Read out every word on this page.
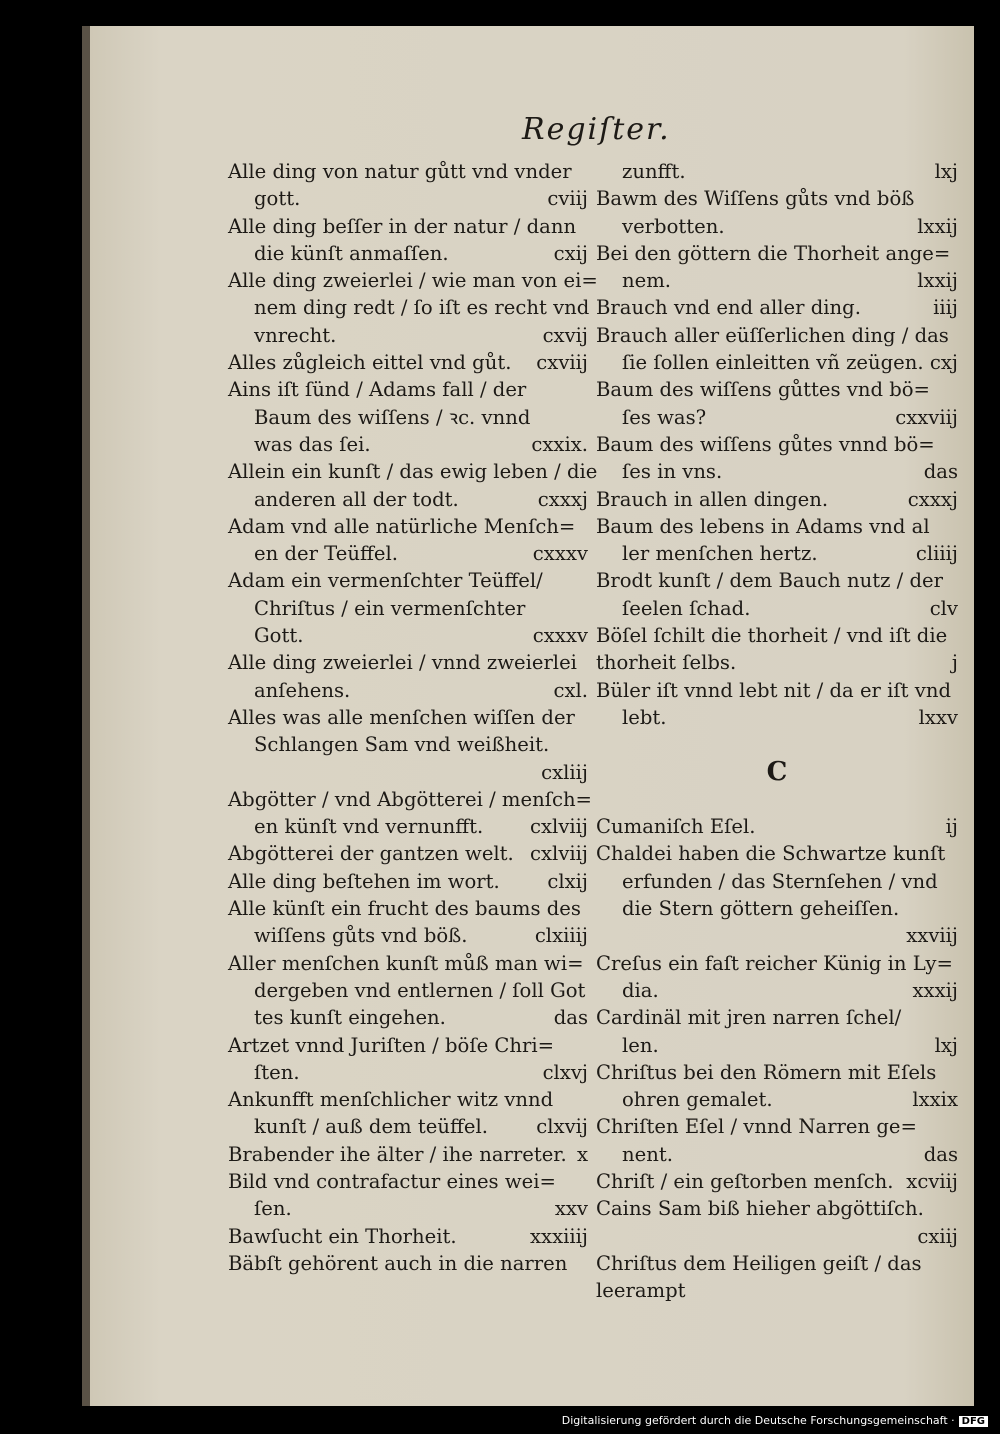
Regiſter.
Alle ding von natur gůtt vnd vnder
gott.	cviij
Alle ding beſſer in der natur / dann
die künſt anmaſſen.	cxij
Alle ding zweierlei / wie man von ei=
nem ding redt / ſo iſt es recht vnd
vnrecht.	cxvij
Alles zůgleich eittel vnd gůt. cxviij
Ains iſt ſünd / Adams fall / der
Baum des wiſſens / ꝛc. vnnd
was das ſei.	cxxix.
Allein ein kunſt / das ewig leben / die
anderen all der todt.	cxxxj
Adam vnd alle natürliche Menſch=
en der Teüffel.	cxxxv
Adam ein vermenſchter Teüffel/
Chriſtus / ein vermenſchter
Gott.	cxxxv
Alle ding zweierlei / vnnd zweierlei
anſehens.	cxl.
Alles was alle menſchen wiſſen der
Schlangen Sam vnd weißheit.
cxliij
Abgötter / vnd Abgötterei / menſch=
en künſt vnd vernunfft. cxlviij
Abgötterei der gantzen welt. cxlviij
Alle ding beſtehen im wort. clxij
Alle künſt ein frucht des baums des
wiſſens gůts vnd böß.	clxiiij
Aller menſchen kunſt můß man wi=
dergeben vnd entlernen / ſoll Got
tes kunſt eingehen.	das
Artzet vnnd Juriſten / böſe Chri=
ſten.	clxvj
Ankunfft menſchlicher witz vnnd
kunſt / auß dem teüffel. clxvij
Brabender ihe älter / ihe narreter. x
Bild vnd contrafactur eines wei=
ſen.	xxv
Bawſucht ein Thorheit.	xxxiiij
Bäbſt gehörent auch in die narren
zunfft.	lxj
Bawm des Wiſſens gůts vnd böß
verbotten.	lxxij
Bei den göttern die Thorheit ange=
nem.	lxxij
Brauch vnd end aller ding.	iiij
Brauch aller eüſſerlichen ding / das
ſie ſollen einleitten vñ zeügen. cxj
Baum des wiſſens gůttes vnd bö=
ſes was?	cxxviij
Baum des wiſſens gůtes vnnd bö=
ſes in vns.	das
Brauch in allen dingen.	cxxxj
Baum des lebens in Adams vnd al
ler menſchen hertz.	cliiij
Brodt kunſt / dem Bauch nutz / der
ſeelen ſchad.	clv
Böſel ſchilt die thorheit / vnd iſt die
thorheit ſelbs.	j
Büler iſt vnnd lebt nit / da er iſt vnd
lebt.	lxxv
C
Cumaniſch Eſel.	ij
Chaldei haben die Schwartze kunſt
erfunden / das Sternſehen / vnd
die Stern göttern geheiſſen.
xxviij
Creſus ein faſt reicher Künig in Ly=
dia.	xxxij
Cardinäl mit jren narren ſchel/
len.	lxj
Chriſtus bei den Römern mit Eſels
ohren gemalet.	lxxix
Chriſten Eſel / vnnd Narren ge=
nent.	das
Chriſt / ein geſtorben menſch. xcviij
Cains Sam biß hieher abgöttiſch.
cxiij
Chriſtus dem Heiligen geiſt / das
leerampt
Digitalisierung gefördert durch die Deutsche Forschungsgemeinschaft · DFG
